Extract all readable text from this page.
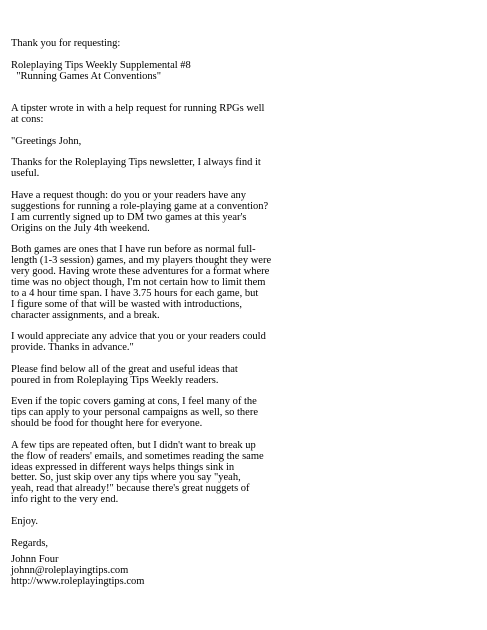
Thank you for requesting:

Roleplaying Tips Weekly Supplemental #8

"Running Games At Conventions"

A tipster wrote in with a help request for running RPGs well

at cons:

"Greetings John,

Thanks for the Roleplaying Tips newsletter, I always find it

useful.

Have a request though: do you or your readers have any

suggestions for running a role-playing game at a convention?

I am currently signed up to DM two games at this year's

Origins on the July 4th weekend.

Both games are ones that I have run before as normal full-

length (1-3 session) games, and my players thought they were

very good. Having wrote these adventures for a format where

time was no object though, I'm not certain how to limit them

to a 4 hour time span. I have 3.75 hours for each game, but

I figure some of that will be wasted with introductions,

character assignments, and a break.

I would appreciate any advice that you or your readers could

provide. Thanks in advance."

Please find below all of the great and useful ideas that

poured in from Roleplaying Tips Weekly readers.

Even if the topic covers gaming at cons, I feel many of the

tips can apply to your personal campaigns as well, so there

should be food for thought here for everyone.

A few tips are repeated often, but I didn't want to break up

the flow of readers' emails, and sometimes reading the same

ideas expressed in different ways helps things sink in

better. So, just skip over any tips where you say "yeah,

yeah, read that already!" because there's great nuggets of

info right to the very end.

Enjoy.

Regards,

Johnn Four

johnn@roleplayingtips.com

http://www.roleplayingtips.com
